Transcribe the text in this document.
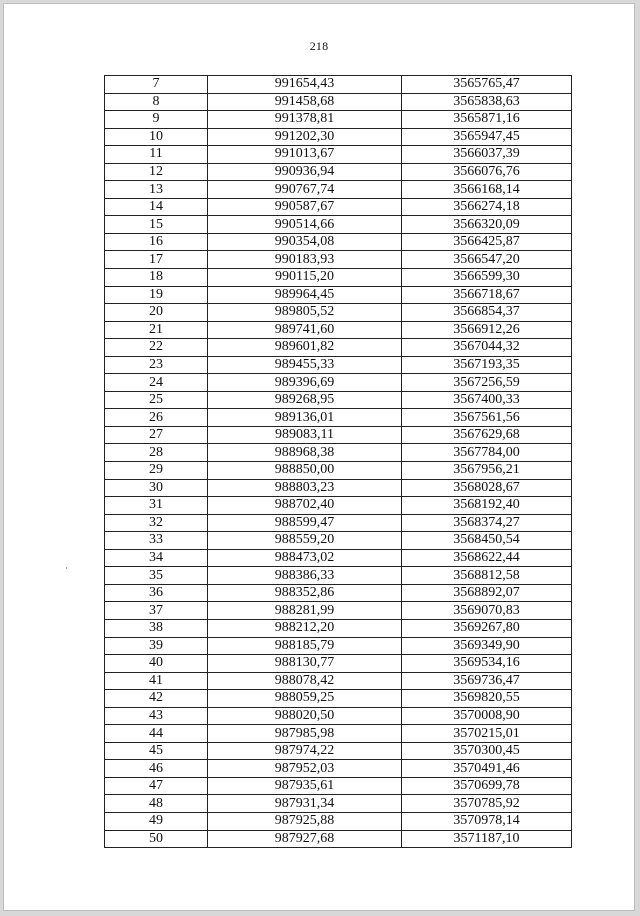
218
7	991654,43	3565765,47
8	991458,68	3565838,63
9	991378,81	3565871,16
10	991202,30	3565947,45
11	991013,67	3566037,39
12	990936,94	3566076,76
13	990767,74	3566168,14
14	990587,67	3566274,18
15	990514,66	3566320,09
16	990354,08	3566425,87
17	990183,93	3566547,20
18	990115,20	3566599,30
19	989964,45	3566718,67
20	989805,52	3566854,37
21	989741,60	3566912,26
22	989601,82	3567044,32
23	989455,33	3567193,35
24	989396,69	3567256,59
25	989268,95	3567400,33
26	989136,01	3567561,56
27	989083,11	3567629,68
28	988968,38	3567784,00
29	988850,00	3567956,21
30	988803,23	3568028,67
31	988702,40	3568192,40
32	988599,47	3568374,27
33	988559,20	3568450,54
34	988473,02	3568622,44
35	988386,33	3568812,58
36	988352,86	3568892,07
37	988281,99	3569070,83
38	988212,20	3569267,80
39	988185,79	3569349,90
40	988130,77	3569534,16
41	988078,42	3569736,47
42	988059,25	3569820,55
43	988020,50	3570008,90
44	987985,98	3570215,01
45	987974,22	3570300,45
46	987952,03	3570491,46
47	987935,61	3570699,78
48	987931,34	3570785,92
49	987925,88	3570978,14
50	987927,68	3571187,10
